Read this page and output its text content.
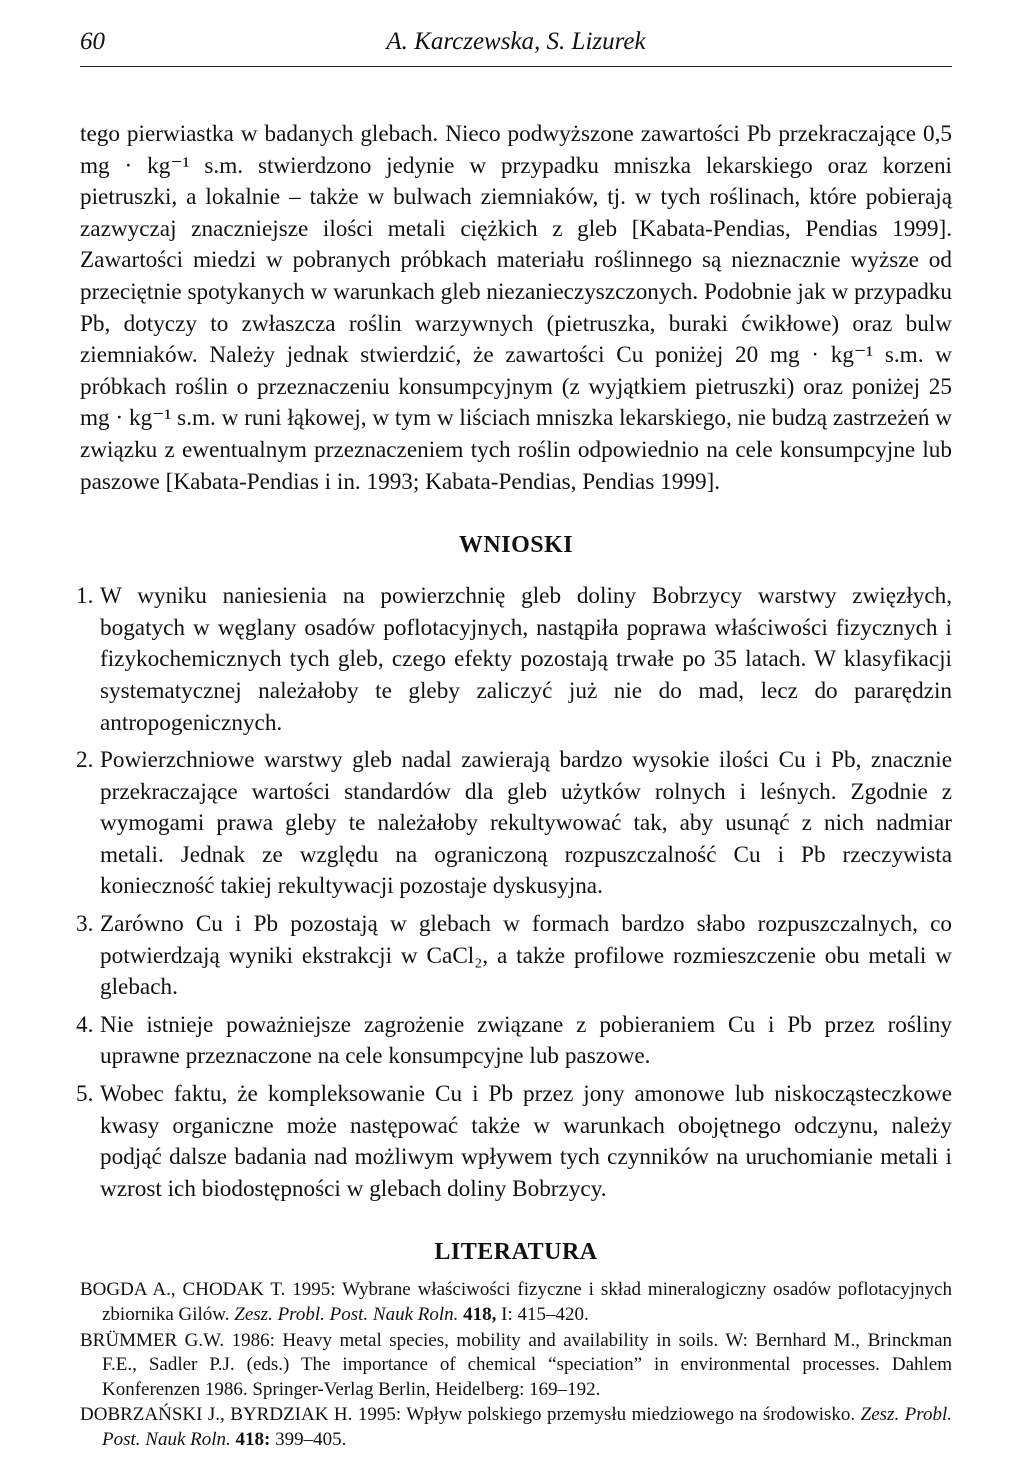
60	A. Karczewska, S. Lizurek

tego pierwiastka w badanych glebach. Nieco podwyższone zawartości Pb przekraczające 0,5 mg · kg⁻¹ s.m. stwierdzono jedynie w przypadku mniszka lekarskiego oraz korzeni pietruszki, a lokalnie – także w bulwach ziemniaków, tj. w tych roślinach, które pobierają zazwyczaj znaczniejsze ilości metali ciężkich z gleb [Kabata-Pendias, Pendias 1999]. Zawartości miedzi w pobranych próbkach materiału roślinnego są nieznacznie wyższe od przeciętnie spotykanych w warunkach gleb niezanieczyszczonych. Podobnie jak w przypadku Pb, dotyczy to zwłaszcza roślin warzywnych (pietruszka, buraki ćwikłowe) oraz bulw ziemniaków. Należy jednak stwierdzić, że zawartości Cu poniżej 20 mg · kg⁻¹ s.m. w próbkach roślin o przeznaczeniu konsumpcyjnym (z wyjątkiem pietruszki) oraz poniżej 25 mg · kg⁻¹ s.m. w runi łąkowej, w tym w liściach mniszka lekarskiego, nie budzą zastrzeżeń w związku z ewentualnym przeznaczeniem tych roślin odpowiednio na cele konsumpcyjne lub paszowe [Kabata-Pendias i in. 1993; Kabata-Pendias, Pendias 1999].

WNIOSKI
1. W wyniku naniesienia na powierzchnię gleb doliny Bobrzycy warstwy zwięzłych, bogatych w węglany osadów poflotacyjnych, nastąpiła poprawa właściwości fizycznych i fizykochemicznych tych gleb, czego efekty pozostają trwałe po 35 latach. W klasyfikacji systematycznej należałoby te gleby zaliczyć już nie do mad, lecz do pararędzin antropogenicznych.
2. Powierzchniowe warstwy gleb nadal zawierają bardzo wysokie ilości Cu i Pb, znacznie przekraczające wartości standardów dla gleb użytków rolnych i leśnych. Zgodnie z wymogami prawa gleby te należałoby rekultywować tak, aby usunąć z nich nadmiar metali. Jednak ze względu na ograniczoną rozpuszczalność Cu i Pb rzeczywista konieczność takiej rekultywacji pozostaje dyskusyjna.
3. Zarówno Cu i Pb pozostają w glebach w formach bardzo słabo rozpuszczalnych, co potwierdzają wyniki ekstrakcji w CaCl₂, a także profilowe rozmieszczenie obu metali w glebach.
4. Nie istnieje poważniejsze zagrożenie związane z pobieraniem Cu i Pb przez rośliny uprawne przeznaczone na cele konsumpcyjne lub paszowe.
5. Wobec faktu, że kompleksowanie Cu i Pb przez jony amonowe lub niskocząsteczkowe kwasy organiczne może następować także w warunkach obojętnego odczynu, należy podjąć dalsze badania nad możliwym wpływem tych czynników na uruchomianie metali i wzrost ich biodostępności w glebach doliny Bobrzycy.
LITERATURA

BOGDA A., CHODAK T. 1995: Wybrane właściwości fizyczne i skład mineralogiczny osadów poflotacyjnych zbiornika Gilów. Zesz. Probl. Post. Nauk Roln. 418, I: 415–420.

BRÜMMER G.W. 1986: Heavy metal species, mobility and availability in soils. W: Bernhard M., Brinckman F.E., Sadler P.J. (eds.) The importance of chemical “speciation” in environmental processes. Dahlem Konferenzen 1986. Springer-Verlag Berlin, Heidelberg: 169–192.

DOBRZAŃSKI J., BYRDZIAK H. 1995: Wpływ polskiego przemysłu miedziowego na środowisko. Zesz. Probl. Post. Nauk Roln. 418: 399–405.
